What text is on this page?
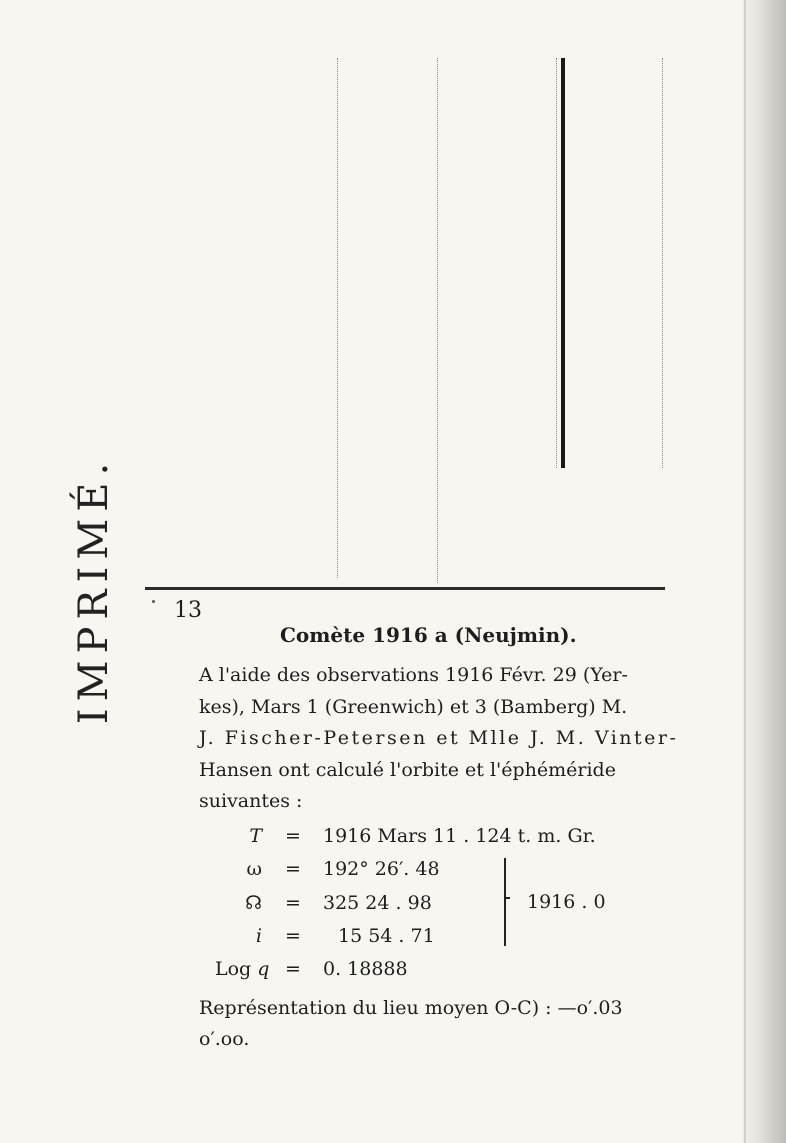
IMPRIMÉ.	13
Comète 1916 a (Neujmin).
A l'aide des observations 1916 Févr. 29 (Yer-
kes), Mars 1 (Greenwich) et 3 (Bamberg) M.
J. Fischer-Petersen et Mlle J. M. Vinter-
Hansen ont calculé l'orbite et l'éphéméride
suivantes :
T = 1916 Mars 11 . 124 t. m. Gr.
ω = 192° 26′. 48
☊ = 325 24 . 98
i = 15 54 . 71
1916 . 0
Log q = 0. 18888
Représentation du lieu moyen O-C) : —o′.03
o′.oo.
